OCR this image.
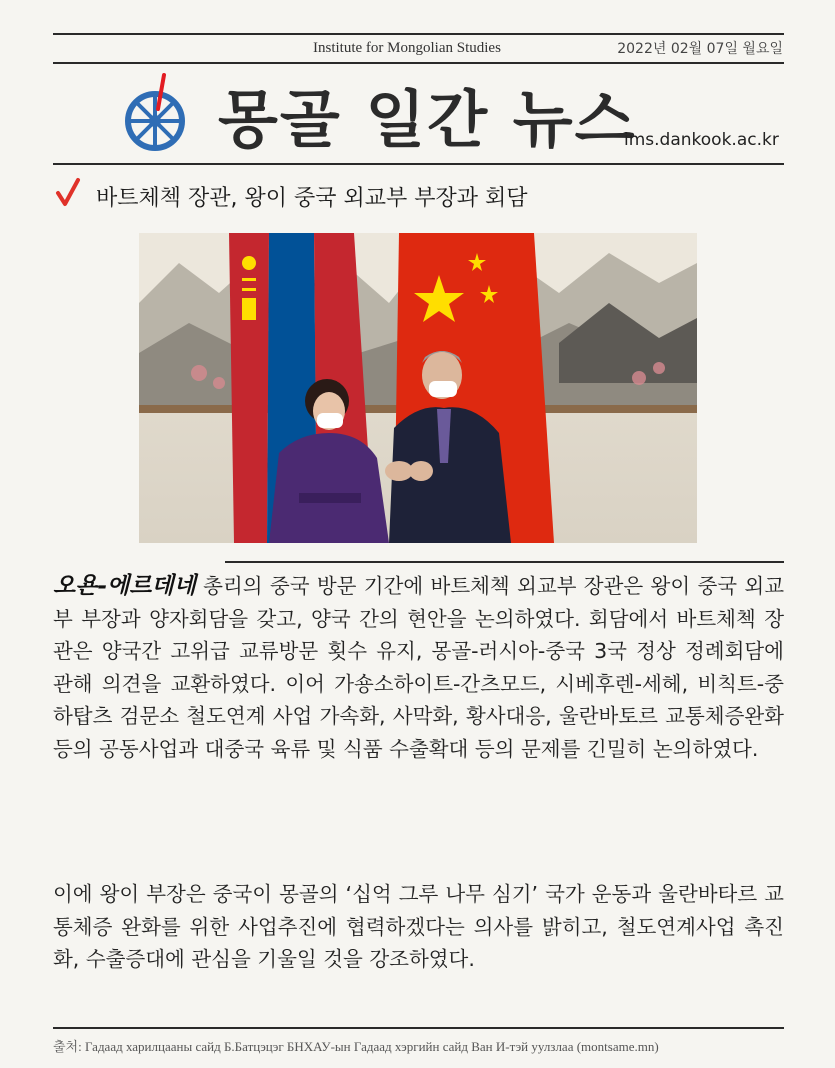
Institute for Mongolian Studies	2022년 02월 07일 월요일
몽골 일간 뉴스
ims.dankook.ac.kr
바트체첵 장관, 왕이 중국 외교부 부장과 회담

오욘-에르데네 총리의 중국 방문 기간에 바트체첵 외교부 장관은 왕이 중국 외교부 부장과 양자회담을 갖고, 양국 간의 현안을 논의하였다. 회담에서 바트체첵 장관은 양국간 고위급 교류방문 횟수 유지, 몽골-러시아-중국 3국 정상 정례회담에 관해 의견을 교환하였다. 이어 가숑소하이트-간츠모드, 시베후렌-세헤, 비칙트-중하탑츠 검문소 철도연계 사업 가속화, 사막화, 황사대응, 울란바토르 교통체증완화 등의 공동사업과 대중국 육류 및 식품 수출확대 등의 문제를 긴밀히 논의하였다.

이에 왕이 부장은 중국이 몽골의 ‘십억 그루 나무 심기’ 국가 운동과 울란바타르 교통체증 완화를 위한 사업추진에 협력하겠다는 의사를 밝히고, 철도연계사업 촉진화, 수출증대에 관심을 기울일 것을 강조하였다.

출처: Гадаад харилцааны сайд Б.Батцэцэг БНХАУ-ын Гадаад хэргийн сайд Ван И-тэй уулзлаа (montsame.mn)
